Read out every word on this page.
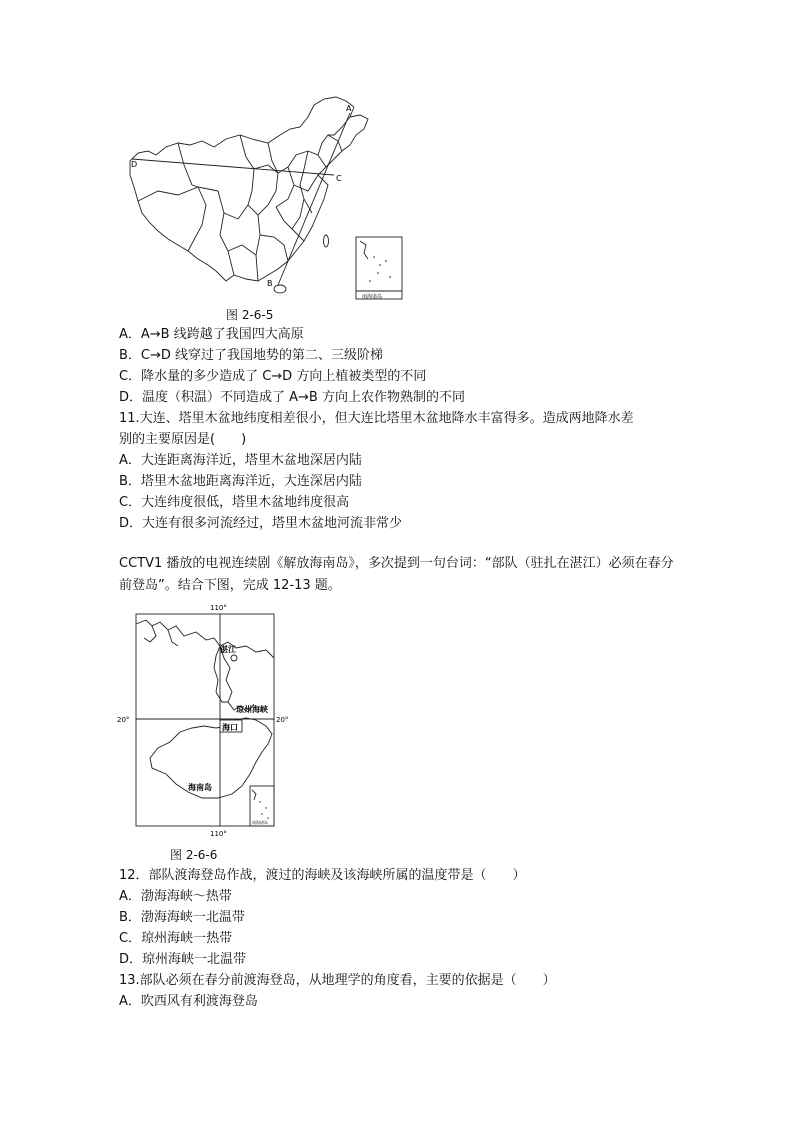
A
B
C
D
南海诸岛
图 2-6-5
A．A→B 线跨越了我国四大高原
B．C→D 线穿过了我国地势的第二、三级阶梯
C．降水量的多少造成了 C→D 方向上植被类型的不同
D．温度（积温）不同造成了 A→B 方向上农作物熟制的不同
11.大连、塔里木盆地纬度相差很小，但大连比塔里木盆地降水丰富得多。造成两地降水差
别的主要原因是(　　)
A．大连距离海洋近，塔里木盆地深居内陆
B．塔里木盆地距离海洋近，大连深居内陆
C．大连纬度很低，塔里木盆地纬度很高
D．大连有很多河流经过，塔里木盆地河流非常少
CCTV1 播放的电视连续剧《解放海南岛》，多次提到一句台词：“部队（驻扎在湛江）必须在春分前登岛”。结合下图，完成 12-13 题。
110°
110°
20°	20°
湛江
琼州海峡
海口
海南岛
南海诸岛
图 2-6-6
12．部队渡海登岛作战，渡过的海峡及该海峡所属的温度带是（　　）
A．渤海海峡～热带
B．渤海海峡一北温带
C．琼州海峡一热带
D．琼州海峡一北温带
13.部队必须在春分前渡海登岛，从地理学的角度看，主要的依据是（　　）
A．吹西风有利渡海登岛
